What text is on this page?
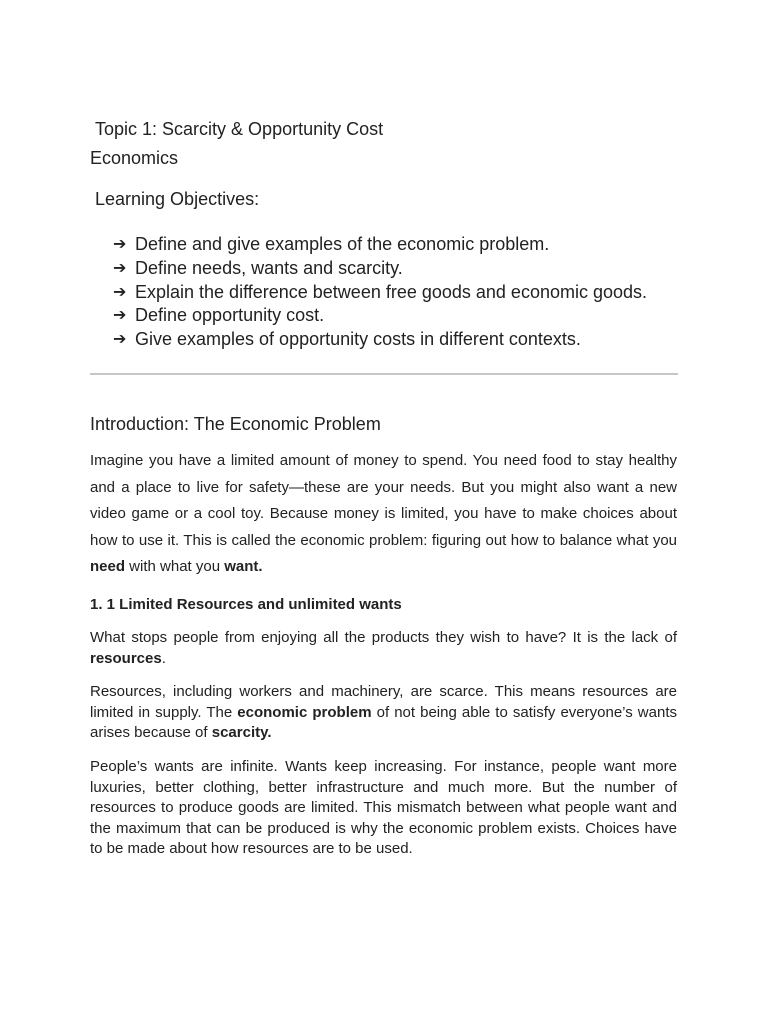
Topic 1: Scarcity & Opportunity Cost

Economics

Learning Objectives:

➔ Define and give examples of the economic problem.
➔ Define needs, wants and scarcity.
➔ Explain the difference between free goods and economic goods.
➔ Define opportunity cost.
➔ Give examples of opportunity costs in different contexts.

Introduction: The Economic Problem

Imagine you have a limited amount of money to spend. You need food to stay healthy and a place to live for safety—these are your needs. But you might also want a new video game or a cool toy. Because money is limited, you have to make choices about how to use it. This is called the economic problem: figuring out how to balance what you need with what you want.

1. 1 Limited Resources and unlimited wants

What stops people from enjoying all the products they wish to have? It is the lack of resources.

Resources, including workers and machinery, are scarce. This means resources are limited in supply. The economic problem of not being able to satisfy everyone’s wants arises because of scarcity.

People’s wants are infinite. Wants keep increasing. For instance, people want more luxuries, better clothing, better infrastructure and much more. But the number of resources to produce goods are limited. This mismatch between what people want and the maximum that can be produced is why the economic problem exists. Choices have to be made about how resources are to be used.
